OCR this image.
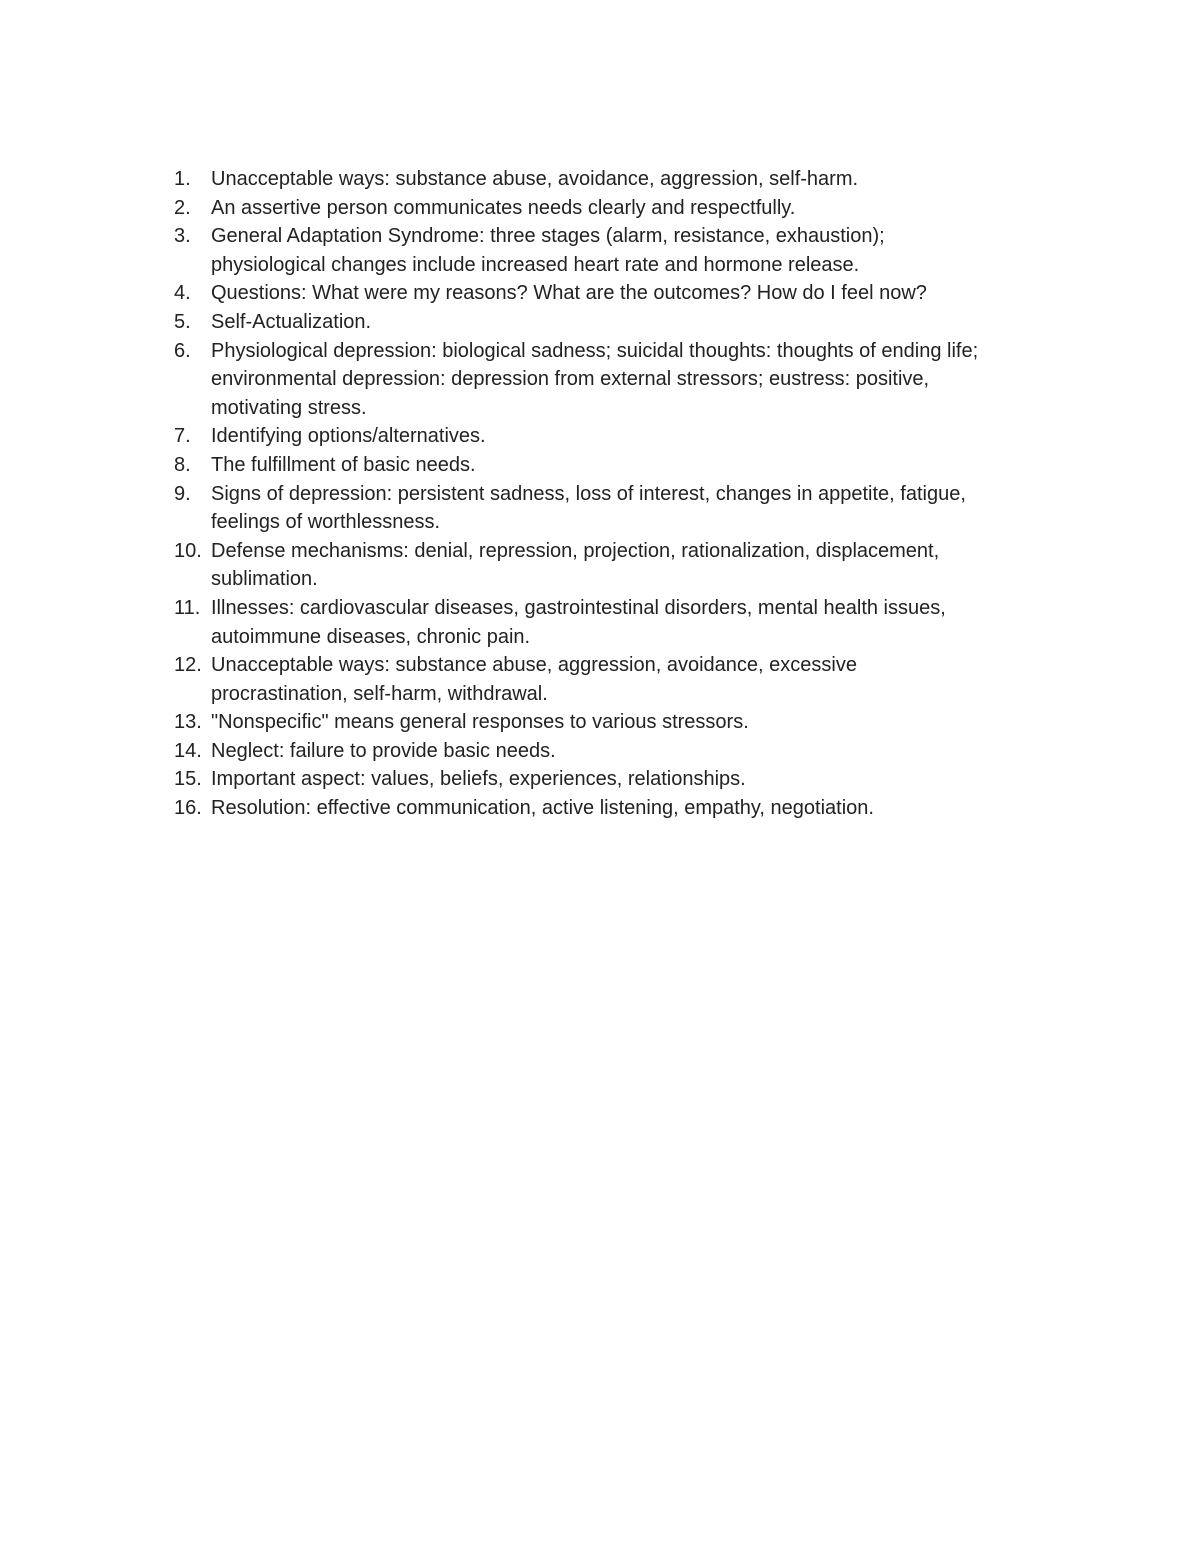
1.	Unacceptable ways: substance abuse, avoidance, aggression, self-harm.
2.	An assertive person communicates needs clearly and respectfully.
3.	General Adaptation Syndrome: three stages (alarm, resistance, exhaustion);
physiological changes include increased heart rate and hormone release.
4.	Questions: What were my reasons? What are the outcomes? How do I feel now?
5.	Self-Actualization.
6.	Physiological depression: biological sadness; suicidal thoughts: thoughts of ending life;
environmental depression: depression from external stressors; eustress: positive,
motivating stress.
7.	Identifying options/alternatives.
8.	The fulfillment of basic needs.
9.	Signs of depression: persistent sadness, loss of interest, changes in appetite, fatigue,
feelings of worthlessness.
10. Defense mechanisms: denial, repression, projection, rationalization, displacement,
sublimation.
11. Illnesses: cardiovascular diseases, gastrointestinal disorders, mental health issues,
autoimmune diseases, chronic pain.
12. Unacceptable ways: substance abuse, aggression, avoidance, excessive
procrastination, self-harm, withdrawal.
13. "Nonspecific" means general responses to various stressors.
14. Neglect: failure to provide basic needs.
15. Important aspect: values, beliefs, experiences, relationships.
16. Resolution: effective communication, active listening, empathy, negotiation.
